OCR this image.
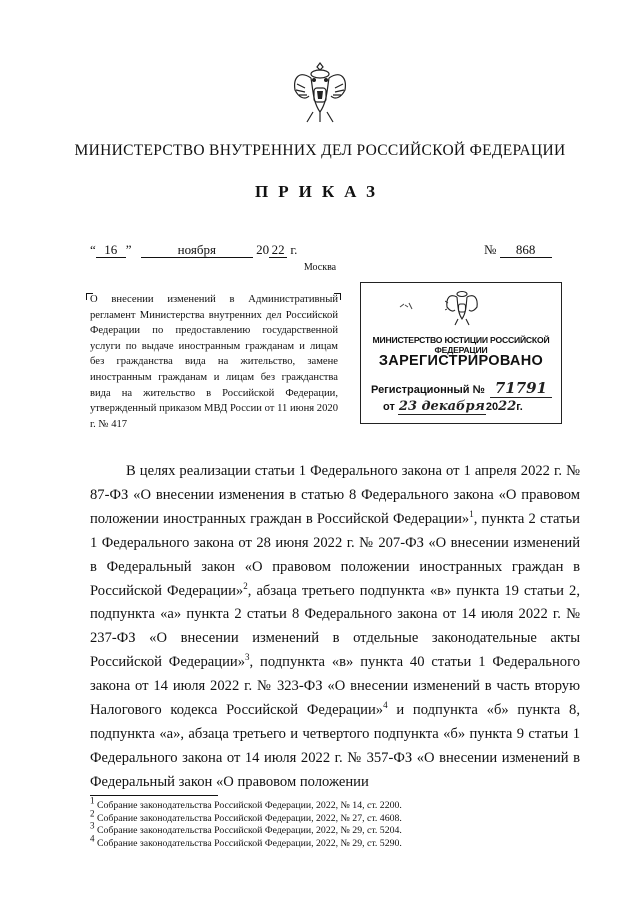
МИНИСТЕРСТВО ВНУТРЕННИХ ДЕЛ РОССИЙСКОЙ ФЕДЕРАЦИИ
ПРИКАЗ
“ 16 ”	ноября	20 22 г.	№ 868
Москва
О внесении изменений в Административный регламент Министерства внутренних дел Российской Федерации по предоставлению государственной услуги по выдаче иностранным гражданам и лицам без гражданства вида на жительство, замене иностранным гражданам и лицам без гражданства вида на жительство в Российской Федерации, утвержденный приказом МВД России от 11 июня 2020 г. № 417
МИНИСТЕРСТВО ЮСТИЦИИ РОССИЙСКОЙ ФЕДЕРАЦИИ
ЗАРЕГИСТРИРОВАНО
Регистрационный № 71791
от 23 декабря2022г.
В целях реализации статьи 1 Федерального закона от 1 апреля 2022 г. № 87-ФЗ «О внесении изменения в статью 8 Федерального закона «О правовом положении иностранных граждан в Российской Федерации»$^1$, пункта 2 статьи 1 Федерального закона от 28 июня 2022 г. № 207-ФЗ «О внесении изменений в Федеральный закон «О правовом положении иностранных граждан в Российской Федерации»$^2$, абзаца третьего подпункта «в» пункта 19 статьи 2, подпункта «а» пункта 2 статьи 8 Федерального закона от 14 июля 2022 г. № 237-ФЗ «О внесении изменений в отдельные законодательные акты Российской Федерации»$^3$, подпункта «в» пункта 40 статьи 1 Федерального закона от 14 июля 2022 г. № 323-ФЗ «О внесении изменений в часть вторую Налогового кодекса Российской Федерации»$^4$ и подпункта «б» пункта 8, подпункта «а», абзаца третьего и четвертого подпункта «б» пункта 9 статьи 1 Федерального закона от 14 июля 2022 г. № 357-ФЗ «О внесении изменений в Федеральный закон «О правовом положении
$^1$ Собрание законодательства Российской Федерации, 2022, № 14, ст. 2200.
$^2$ Собрание законодательства Российской Федерации, 2022, № 27, ст. 4608.
$^3$ Собрание законодательства Российской Федерации, 2022, № 29, ст. 5204.
$^4$ Собрание законодательства Российской Федерации, 2022, № 29, ст. 5290.
